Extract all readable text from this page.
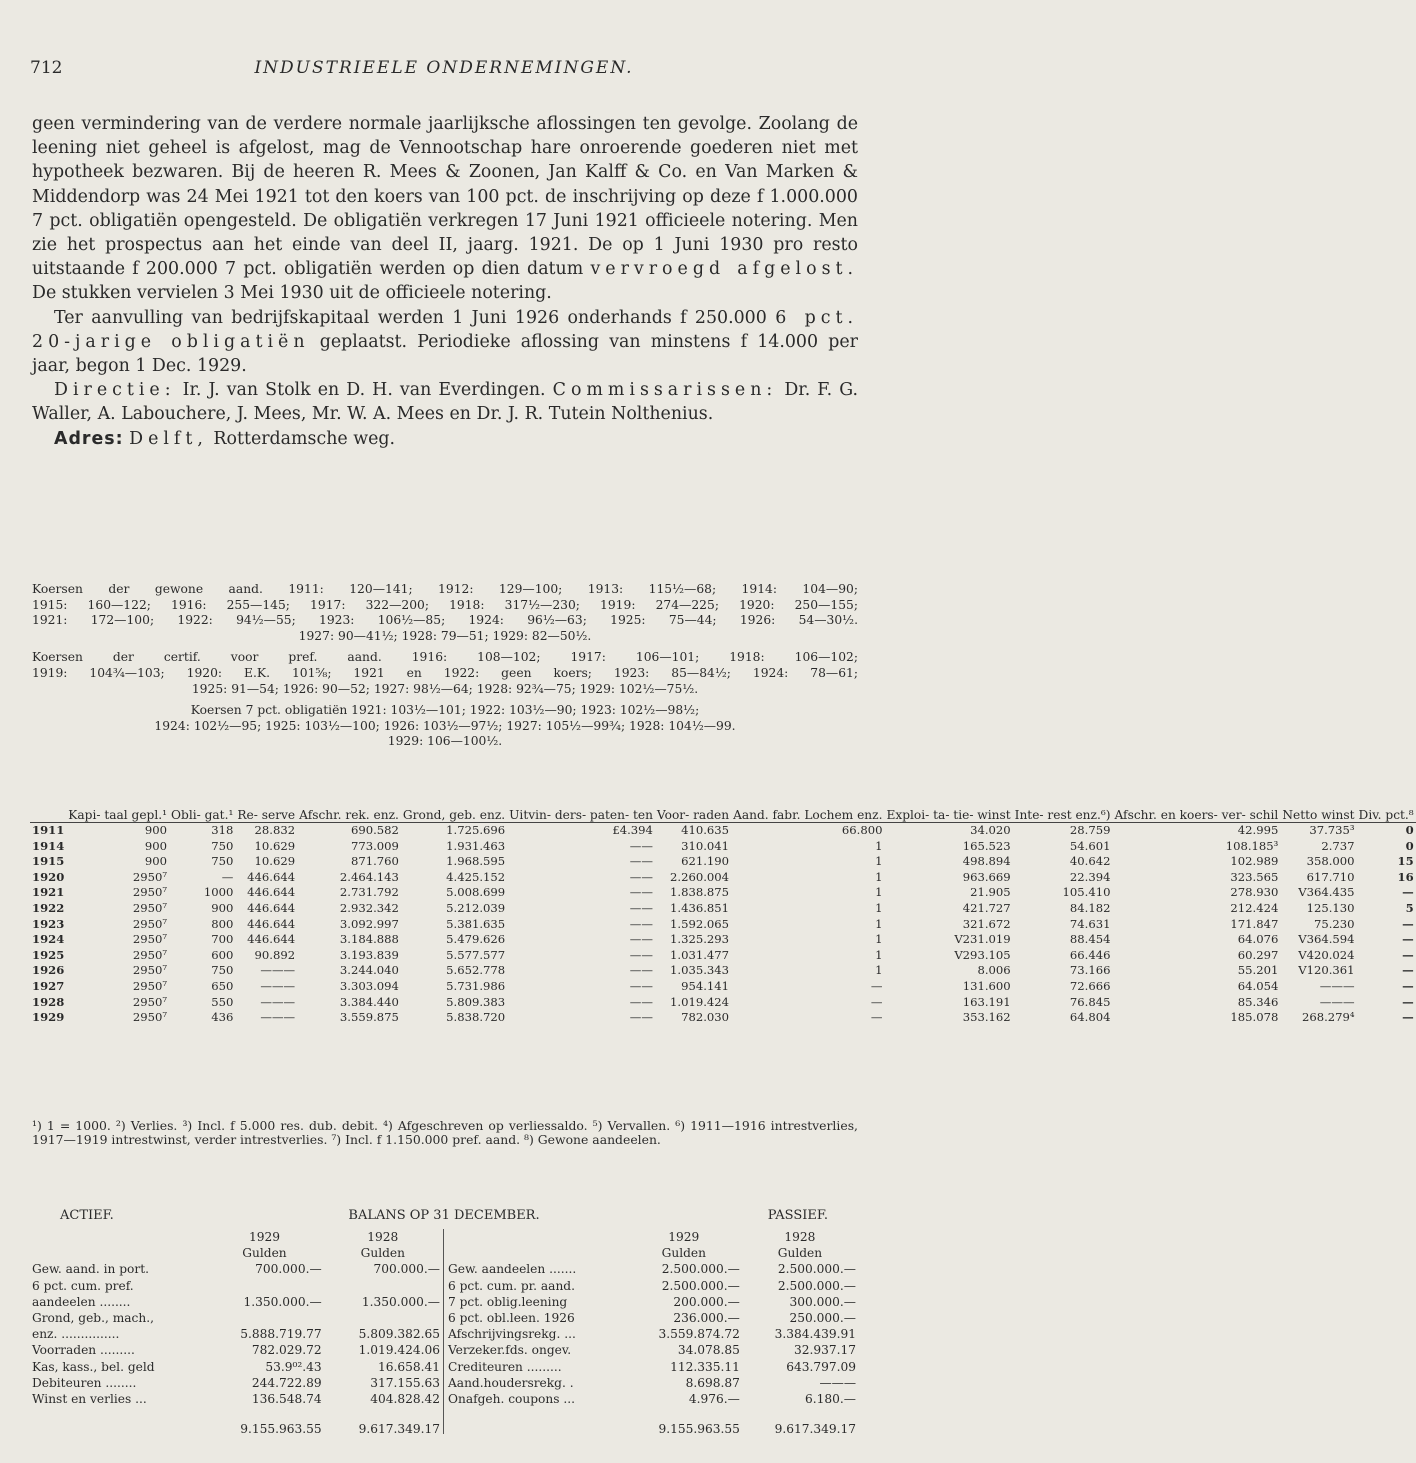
712	INDUSTRIEELE ONDERNEMINGEN.

geen vermindering van de verdere normale jaarlijksche aflossingen ten gevolge. Zoolang de leening niet geheel is afgelost, mag de Vennootschap hare onroerende goederen niet met hypotheek bezwaren. Bij de heeren R. Mees & Zoonen, Jan Kalff & Co. en Van Marken & Middendorp was 24 Mei 1921 tot den koers van 100 pct. de inschrijving op deze f 1.000.000 7 pct. obligatiën opengesteld. De obligatiën verkregen 17 Juni 1921 officieele notering. Men zie het prospectus aan het einde van deel II, jaarg. 1921. De op 1 Juni 1930 pro resto uitstaande f 200.000 7 pct. obligatiën werden op dien datum vervroegd afgelost. De stukken vervielen 3 Mei 1930 uit de officieele notering.

Ter aanvulling van bedrijfskapitaal werden 1 Juni 1926 onderhands f 250.000 6 pct. 20-jarige obligatiën geplaatst. Periodieke aflossing van minstens f 14.000 per jaar, begon 1 Dec. 1929.

Directie: Ir. J. van Stolk en D. H. van Everdingen. Commissarissen: Dr. F. G. Waller, A. Labouchere, J. Mees, Mr. W. A. Mees en Dr. J. R. Tutein Nolthenius.

Adres: Delft, Rotterdamsche weg.

Koersen der gewone aand. 1911: 120—141; 1912: 129—100; 1913: 115½—68; 1914: 104—90;
1915: 160—122; 1916: 255—145; 1917: 322—200; 1918: 317½—230; 1919: 274—225; 1920: 250—155;
1921: 172—100; 1922: 94½—55; 1923: 106½—85; 1924: 96½—63; 1925: 75—44; 1926: 54—30½.
1927: 90—41½; 1928: 79—51; 1929: 82—50½.

Koersen der certif. voor pref. aand. 1916: 108—102; 1917: 106—101; 1918: 106—102;
1919: 104¾—103; 1920: E.K. 101⅝; 1921 en 1922: geen koers; 1923: 85—84½; 1924: 78—61;
1925: 91—54; 1926: 90—52; 1927: 98½—64; 1928: 92¾—75; 1929: 102½—75½.

Koersen 7 pct. obligatiën 1921: 103½—101; 1922: 103½—90; 1923: 102½—98½;
1924: 102½—95; 1925: 103½—100; 1926: 103½—97½; 1927: 105½—99¾; 1928: 104½—99.
1929: 106—100½.

	Kapi- taal gepl.¹	Obli- gat.¹	Re- serve	Afschr. rek. enz.	Grond, geb. enz.	Uitvin- ders- paten- ten	Voor- raden	Aand. fabr. Lochem enz.	Exploi- ta- tie- winst	Inte- rest enz.⁶)	Afschr. en koers- ver- schil	Netto winst	Div. pct.⁸
1911	900	318	28.832	690.582	1.725.696	£4.394	410.635	66.800	34.020	28.759	42.995	37.735³	0
1914	900	750	10.629	773.009	1.931.463	——	310.041	1	165.523	54.601	108.185³	2.737	0
1915	900	750	10.629	871.760	1.968.595	——	621.190	1	498.894	40.642	102.989	358.000	15
1920	2950⁷	—	446.644	2.464.143	4.425.152	——	2.260.004	1	963.669	22.394	323.565	617.710	16
1921	2950⁷	1000	446.644	2.731.792	5.008.699	——	1.838.875	1	21.905	105.410	278.930	V364.435	—
1922	2950⁷	900	446.644	2.932.342	5.212.039	——	1.436.851	1	421.727	84.182	212.424	125.130	5
1923	2950⁷	800	446.644	3.092.997	5.381.635	——	1.592.065	1	321.672	74.631	171.847	75.230	—
1924	2950⁷	700	446.644	3.184.888	5.479.626	——	1.325.293	1	V231.019	88.454	64.076	V364.594	—
1925	2950⁷	600	90.892	3.193.839	5.577.577	——	1.031.477	1	V293.105	66.446	60.297	V420.024	—
1926	2950⁷	750	———	3.244.040	5.652.778	——	1.035.343	1	8.006	73.166	55.201	V120.361	—
1927	2950⁷	650	———	3.303.094	5.731.986	——	954.141	—	131.600	72.666	64.054	———	—
1928	2950⁷	550	———	3.384.440	5.809.383	——	1.019.424	—	163.191	76.845	85.346	———	—
1929	2950⁷	436	———	3.559.875	5.838.720	——	782.030	—	353.162	64.804	185.078	268.279⁴	—
¹) 1 = 1000. ²) Verlies. ³) Incl. f 5.000 res. dub. debit. ⁴) Afgeschreven op verliessaldo. ⁵) Vervallen. ⁶) 1911—1916 intrestverlies, 1917—1919 intrestwinst, verder intrestverlies. ⁷) Incl. f 1.150.000 pref. aand. ⁸) Gewone aandeelen.
ACTIEF.	BALANS OP 31 DECEMBER.	PASSIEF.
	1929	1928
	Gulden	Gulden
Gew. aand. in port.	700.000.—	700.000.—
6 pct. cum. pref.		
aandeelen ........	1.350.000.—	1.350.000.—
Grond, geb., mach.,		
enz. ...............	5.888.719.77	5.809.382.65
Voorraden .........	782.029.72	1.019.424.06
Kas, kass., bel. geld	53.9⁰².43	16.658.41
Debiteuren ........	244.722.89	317.155.63
Winst en verlies ...	136.548.74	404.828.42
	9.155.963.55	9.617.349.17
	1929	1928
	Gulden	Gulden
Gew. aandeelen .......	2.500.000.—	2.500.000.—
6 pct. cum. pr. aand.	2.500.000.—	2.500.000.—
7 pct. oblig.leening	200.000.—	300.000.—
6 pct. obl.leen. 1926	236.000.—	250.000.—
Afschrijvingsrekg. ...	3.559.874.72	3.384.439.91
Verzeker.fds. ongev.	34.078.85	32.937.17
Crediteuren .........	112.335.11	643.797.09
Aand.houdersrekg. .	8.698.87	———
Onafgeh. coupons ...	4.976.—	6.180.—
	9.155.963.55	9.617.349.17
